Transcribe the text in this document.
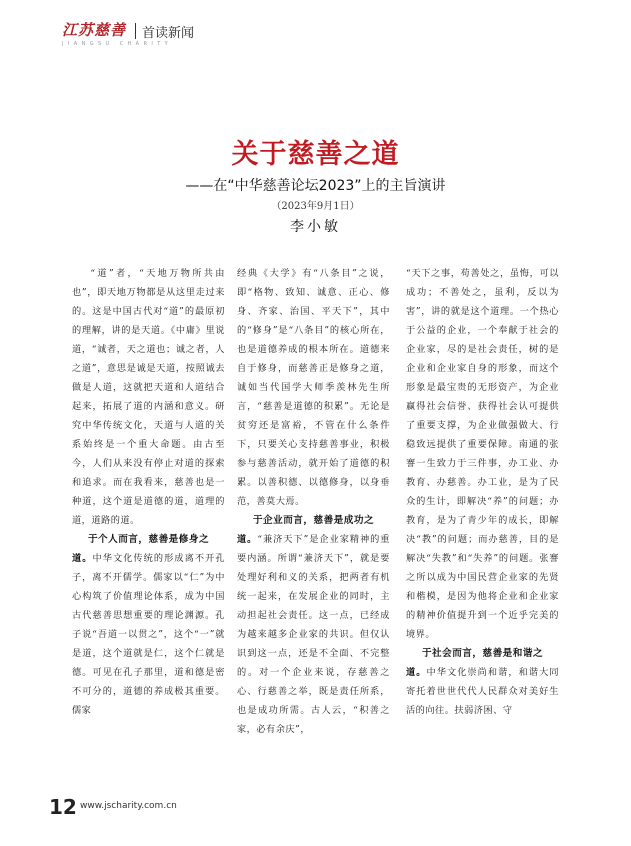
江苏慈善
JIANGSU CHARITY
首读新闻
关于慈善之道
——在“中华慈善论坛2023”上的主旨演讲
（2023年9月1日）
李小敏

“道”者，“天地万物所共由也”，即天地万物都是从这里走过来的。这是中国古代对“道”的最原初的理解，讲的是天道。《中庸》里说道，“诚者，天之道也；诚之者，人之道”，意思是诚是天道，按照诚去做是人道，这就把天道和人道结合起来，拓展了道的内涵和意义。研究中华传统文化，天道与人道的关系始终是一个重大命题。由古至今，人们从来没有停止对道的探索和追求。而在我看来，慈善也是一种道，这个道是道德的道，道理的道，道路的道。

于个人而言，慈善是修身之

道。中华文化传统的形成离不开孔子，离不开儒学。儒家以“仁”为中心构筑了价值理论体系，成为中国古代慈善思想重要的理论渊源。孔子说“吾道一以贯之”，这个“一”就是道，这个道就是仁，这个仁就是德。可见在孔子那里，道和德是密不可分的，道德的养成极其重要。儒家

经典《大学》有“八条目”之说，即“格物、致知、诚意、正心、修身、齐家、治国、平天下”，其中的“修身”是“八条目”的核心所在，也是道德养成的根本所在。道德来自于修身，而慈善正是修身之道，诚如当代国学大师季羡林先生所言，“慈善是道德的积累”。无论是贫穷还是富裕，不管在什么条件下，只要关心支持慈善事业，积极参与慈善活动，就开始了道德的积累。以善积德、以德修身，以身垂范，善莫大焉。

于企业而言，慈善是成功之

道。“兼济天下”是企业家精神的重要内涵。所谓“兼济天下”，就是要处理好利和义的关系，把两者有机统一起来，在发展企业的同时，主动担起社会责任。这一点，已经成为越来越多企业家的共识。但仅认识到这一点，还是不全面、不完整的。对一个企业来说，存慈善之心、行慈善之举，既是责任所系，也是成功所需。古人云，“积善之家，必有余庆”，

“天下之事，苟善处之，虽悔，可以成功；不善处之，虽利，反以为害”，讲的就是这个道理。一个热心于公益的企业，一个奉献于社会的企业家，尽的是社会责任，树的是企业和企业家自身的形象，而这个形象是最宝贵的无形资产，为企业赢得社会信誉、获得社会认可提供了重要支撑，为企业做强做大、行稳致远提供了重要保障。南通的张謇一生致力于三件事，办工业、办教育、办慈善。办工业，是为了民众的生计，即解决“养”的问题；办教育，是为了青少年的成长，即解决“教”的问题；而办慈善，目的是解决“失教”和“失养”的问题。张謇之所以成为中国民营企业家的先贤和楷模，是因为他将企业和企业家的精神价值提升到一个近乎完美的境界。

于社会而言，慈善是和谐之

道。中华文化崇尚和谐，和谐大同寄托着世世代代人民群众对美好生活的向往。扶弱济困、守

12 www.jscharity.com.cn
